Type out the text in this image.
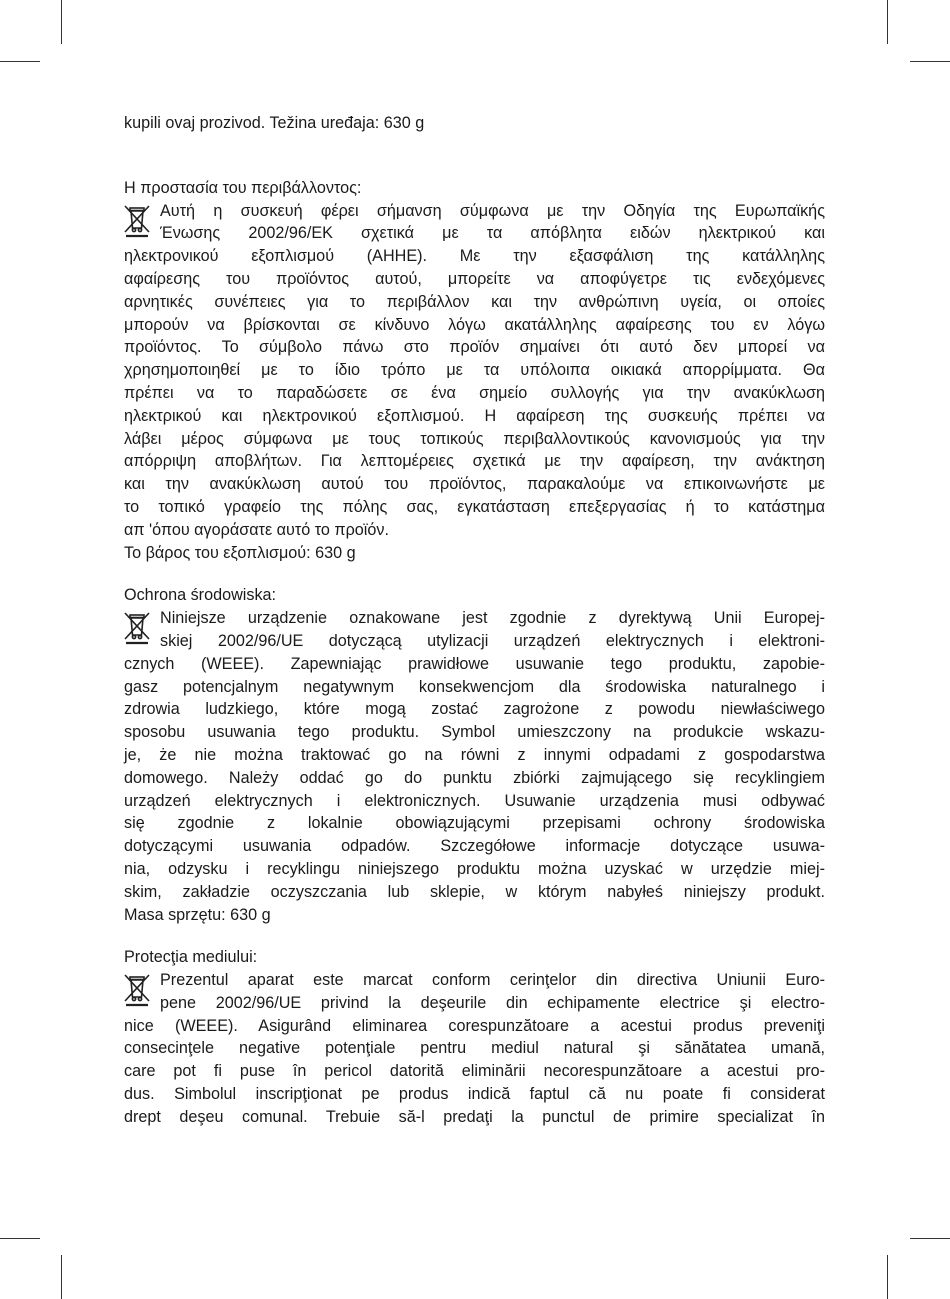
kupili ovaj prozivod. Težina uređaja: 630 g
Η προστασία του περιβάλλοντος:
Αυτή η συσκευή φέρει σήμανση σύμφωνα με την Οδηγία της Ευρωπαϊκής
Ένωσης 2002/96/ΕΚ σχετικά με τα απόβλητα ειδών ηλεκτρικού και
ηλεκτρονικού εξοπλισμού (ΑΗΗΕ). Με την εξασφάλιση της κατάλληλης
αφαίρεσης του προϊόντος αυτού, μπορείτε να αποφύγετρε τις ενδεχόμενες
αρνητικές συνέπειες για το περιβάλλον και την ανθρώπινη υγεία, οι οποίες
μπορούν να βρίσκονται σε κίνδυνο λόγω ακατάλληλης αφαίρεσης του εν λόγω
προϊόντος. Το σύμβολο πάνω στο προϊόν σημαίνει ότι αυτό δεν μπορεί να
χρησημοποιηθεί με το ίδιο τρόπο με τα υπόλοιπα οικιακά απορρίμματα. Θα
πρέπει να το παραδώσετε σε ένα σημείο συλλογής για την ανακύκλωση
ηλεκτρικού και ηλεκτρονικού εξοπλισμού. Η αφαίρεση της συσκευής πρέπει να
λάβει μέρος σύμφωνα με τους τοπικούς περιβαλλοντικούς κανονισμούς για την
απόρριψη αποβλήτων. Για λεπτομέρειες σχετικά με την αφαίρεση, την ανάκτηση
και την ανακύκλωση αυτού του προϊόντος, παρακαλούμε να επικοινωνήστε με
το τοπικό γραφείο της πόλης σας, εγκατάσταση επεξεργασίας ή το κατάστημα
απ 'όπου αγοράσατε αυτό το προϊόν.
Το βάρος του εξοπλισμού: 630 g
Ochrona środowiska:
Niniejsze urządzenie oznakowane jest zgodnie z dyrektywą Unii Europej-
skiej 2002/96/UE dotyczącą utylizacji urządzeń elektrycznych i elektroni-
cznych (WEEE). Zapewniając prawidłowe usuwanie tego produktu, zapobie-
gasz potencjalnym negatywnym konsekwencjom dla środowiska naturalnego i
zdrowia ludzkiego, które mogą zostać zagrożone z powodu niewłaściwego
sposobu usuwania tego produktu. Symbol umieszczony na produkcie wskazu-
je, że nie można traktować go na równi z innymi odpadami z gospodarstwa
domowego. Należy oddać go do punktu zbiórki zajmującego się recyklingiem
urządzeń elektrycznych i elektronicznych. Usuwanie urządzenia musi odbywać
się zgodnie z lokalnie obowiązującymi przepisami ochrony środowiska
dotyczącymi usuwania odpadów. Szczegółowe informacje dotyczące usuwa-
nia, odzysku i recyklingu niniejszego produktu można uzyskać w urzędzie miej-
skim, zakładzie oczyszczania lub sklepie, w którym nabyłeś niniejszy produkt.
Masa sprzętu: 630 g
Protecţia mediului:
Prezentul aparat este marcat conform cerinţelor din directiva Uniunii Euro-
pene 2002/96/UE privind la deşeurile din echipamente electrice şi electro-
nice (WEEE). Asigurând eliminarea corespunzătoare a acestui produs preveniţi
consecinţele negative potenţiale pentru mediul natural şi sănătatea umană,
care pot fi puse în pericol datorită eliminării necorespunzătoare a acestui pro-
dus. Simbolul inscripţionat pe produs indică faptul că nu poate fi considerat
drept deşeu comunal. Trebuie să-l predaţi la punctul de primire specializat în
